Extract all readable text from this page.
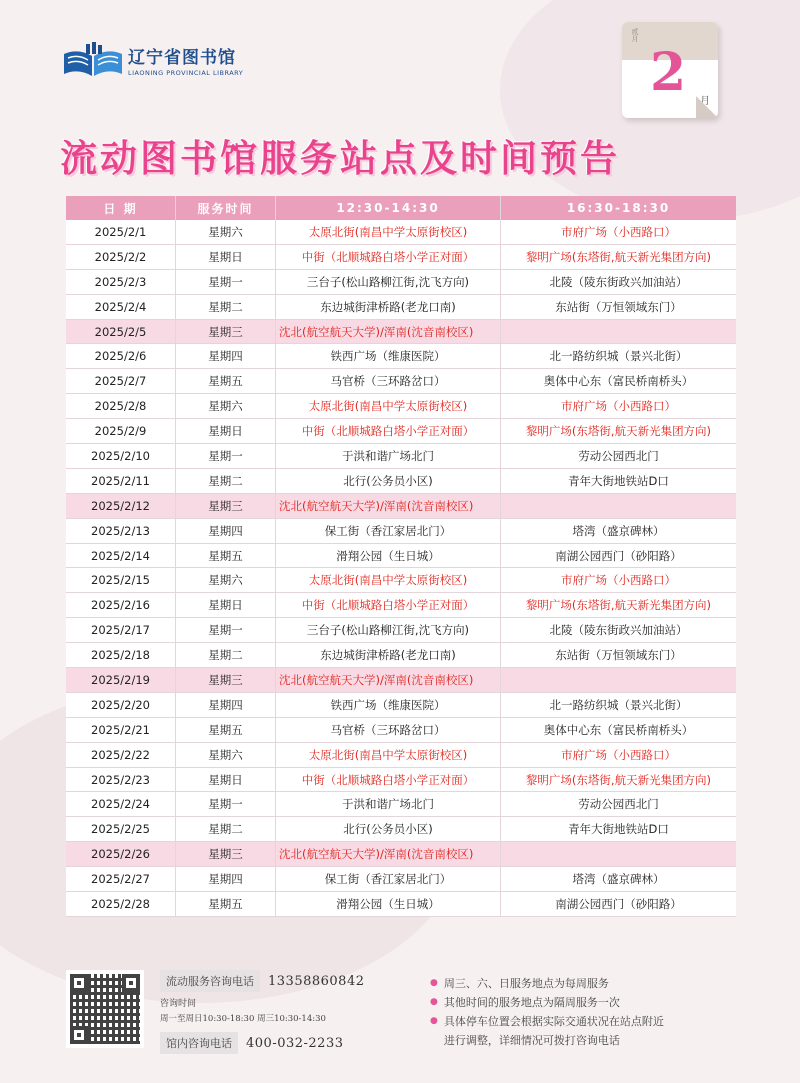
辽宁省图书馆
LIAONING PROVINCIAL LIBRARY
贰月
2 月
流动图书馆服务站点及时间预告
日 期	服务时间	12:30-14:30	16:30-18:30
2025/2/1	星期六	太原北街(南昌中学太原街校区)	市府广场（小西路口）
2025/2/2	星期日	中街（北顺城路白塔小学正对面）	黎明广场(东塔街,航天新光集团方向)
2025/2/3	星期一	三台子(松山路柳江街,沈飞方向)	北陵（陵东街政兴加油站）
2025/2/4	星期二	东边城街津桥路(老龙口南)	东站街（万恒领域东门）
2025/2/5	星期三	沈北(航空航天大学)/浑南(沈音南校区)
2025/2/6	星期四	铁西广场（维康医院）	北一路纺织城（景兴北街）
2025/2/7	星期五	马官桥（三环路岔口）	奥体中心东（富民桥南桥头）
2025/2/8	星期六	太原北街(南昌中学太原街校区)	市府广场（小西路口）
2025/2/9	星期日	中街（北顺城路白塔小学正对面）	黎明广场(东塔街,航天新光集团方向)
2025/2/10	星期一	于洪和谐广场北门	劳动公园西北门
2025/2/11	星期二	北行(公务员小区)	青年大街地铁站D口
2025/2/12	星期三	沈北(航空航天大学)/浑南(沈音南校区)
2025/2/13	星期四	保工街（香江家居北门）	塔湾（盛京碑林）
2025/2/14	星期五	滑翔公园（生日城）	南湖公园西门（砂阳路）
2025/2/15	星期六	太原北街(南昌中学太原街校区)	市府广场（小西路口）
2025/2/16	星期日	中街（北顺城路白塔小学正对面）	黎明广场(东塔街,航天新光集团方向)
2025/2/17	星期一	三台子(松山路柳江街,沈飞方向)	北陵（陵东街政兴加油站）
2025/2/18	星期二	东边城街津桥路(老龙口南)	东站街（万恒领域东门）
2025/2/19	星期三	沈北(航空航天大学)/浑南(沈音南校区)
2025/2/20	星期四	铁西广场（维康医院）	北一路纺织城（景兴北街）
2025/2/21	星期五	马官桥（三环路岔口）	奥体中心东（富民桥南桥头）
2025/2/22	星期六	太原北街(南昌中学太原街校区)	市府广场（小西路口）
2025/2/23	星期日	中街（北顺城路白塔小学正对面）	黎明广场(东塔街,航天新光集团方向)
2025/2/24	星期一	于洪和谐广场北门	劳动公园西北门
2025/2/25	星期二	北行(公务员小区)	青年大街地铁站D口
2025/2/26	星期三	沈北(航空航天大学)/浑南(沈音南校区)
2025/2/27	星期四	保工街（香江家居北门）	塔湾（盛京碑林）
2025/2/28	星期五	滑翔公园（生日城）	南湖公园西门（砂阳路）
流动服务咨询电话	13358860842
咨询时间
周一至周日10:30-18:30 周三10:30-14:30
馆内咨询电话	400-032-2233
● 周三、六、日服务地点为每周服务
● 其他时间的服务地点为隔周服务一次
● 具体停车位置会根据实际交通状况在站点附近
进行调整，详细情况可拨打咨询电话
